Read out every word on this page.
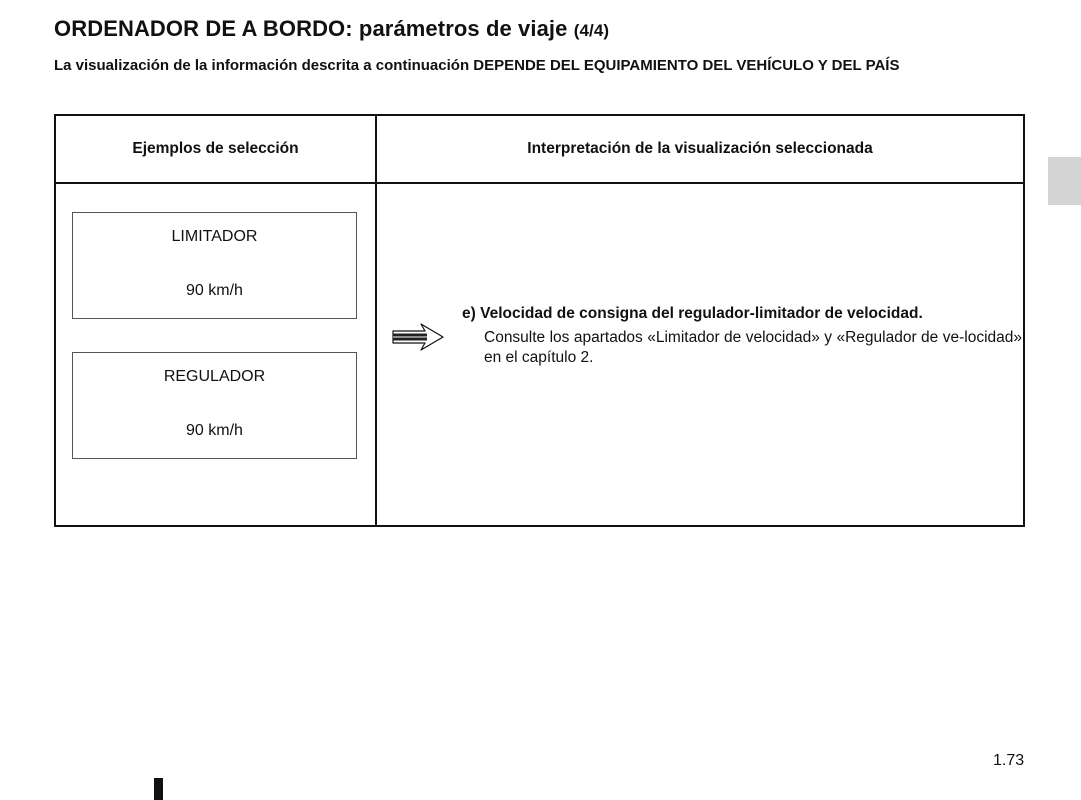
ORDENADOR DE A BORDO: parámetros de viaje (4/4)
La visualización de la información descrita a continuación DEPENDE DEL EQUIPAMIENTO DEL VEHÍCULO Y DEL PAÍS
Ejemplos de selección	Interpretación de la visualización seleccionada
LIMITADOR
90 km/h
REGULADOR
90 km/h
e) Velocidad de consigna del regulador-limitador de velocidad.
Consulte los apartados «Limitador de velocidad» y «Regulador de ve-locidad» en el capítulo 2.
1.73
